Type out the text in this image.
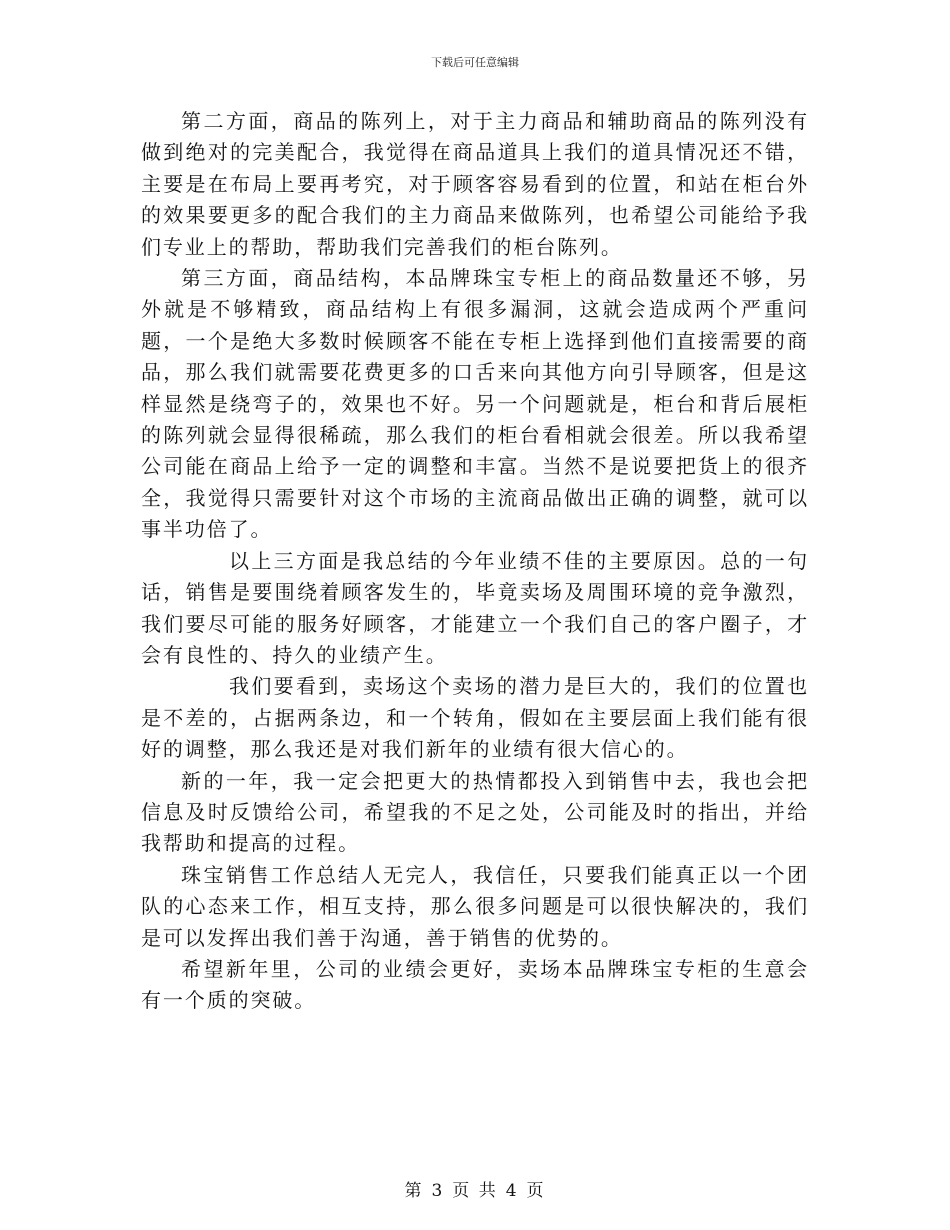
下载后可任意编辑

第二方面，商品的陈列上，对于主力商品和辅助商品的陈列没有做到绝对的完美配合，我觉得在商品道具上我们的道具情况还不错，主要是在布局上要再考究，对于顾客容易看到的位置，和站在柜台外的效果要更多的配合我们的主力商品来做陈列，也希望公司能给予我们专业上的帮助，帮助我们完善我们的柜台陈列。

第三方面，商品结构，本品牌珠宝专柜上的商品数量还不够，另外就是不够精致，商品结构上有很多漏洞，这就会造成两个严重问题，一个是绝大多数时候顾客不能在专柜上选择到他们直接需要的商品，那么我们就需要花费更多的口舌来向其他方向引导顾客，但是这样显然是绕弯子的，效果也不好。另一个问题就是，柜台和背后展柜的陈列就会显得很稀疏，那么我们的柜台看相就会很差。所以我希望公司能在商品上给予一定的调整和丰富。当然不是说要把货上的很齐全，我觉得只需要针对这个市场的主流商品做出正确的调整，就可以事半功倍了。

以上三方面是我总结的今年业绩不佳的主要原因。总的一句话，销售是要围绕着顾客发生的，毕竟卖场及周围环境的竞争激烈，我们要尽可能的服务好顾客，才能建立一个我们自己的客户圈子，才会有良性的、持久的业绩产生。

我们要看到，卖场这个卖场的潜力是巨大的，我们的位置也是不差的，占据两条边，和一个转角，假如在主要层面上我们能有很好的调整，那么我还是对我们新年的业绩有很大信心的。

新的一年，我一定会把更大的热情都投入到销售中去，我也会把信息及时反馈给公司，希望我的不足之处，公司能及时的指出，并给我帮助和提高的过程。

珠宝销售工作总结人无完人，我信任，只要我们能真正以一个团队的心态来工作，相互支持，那么很多问题是可以很快解决的，我们是可以发挥出我们善于沟通，善于销售的优势的。

希望新年里，公司的业绩会更好，卖场本品牌珠宝专柜的生意会有一个质的突破。

第 3 页 共 4 页
